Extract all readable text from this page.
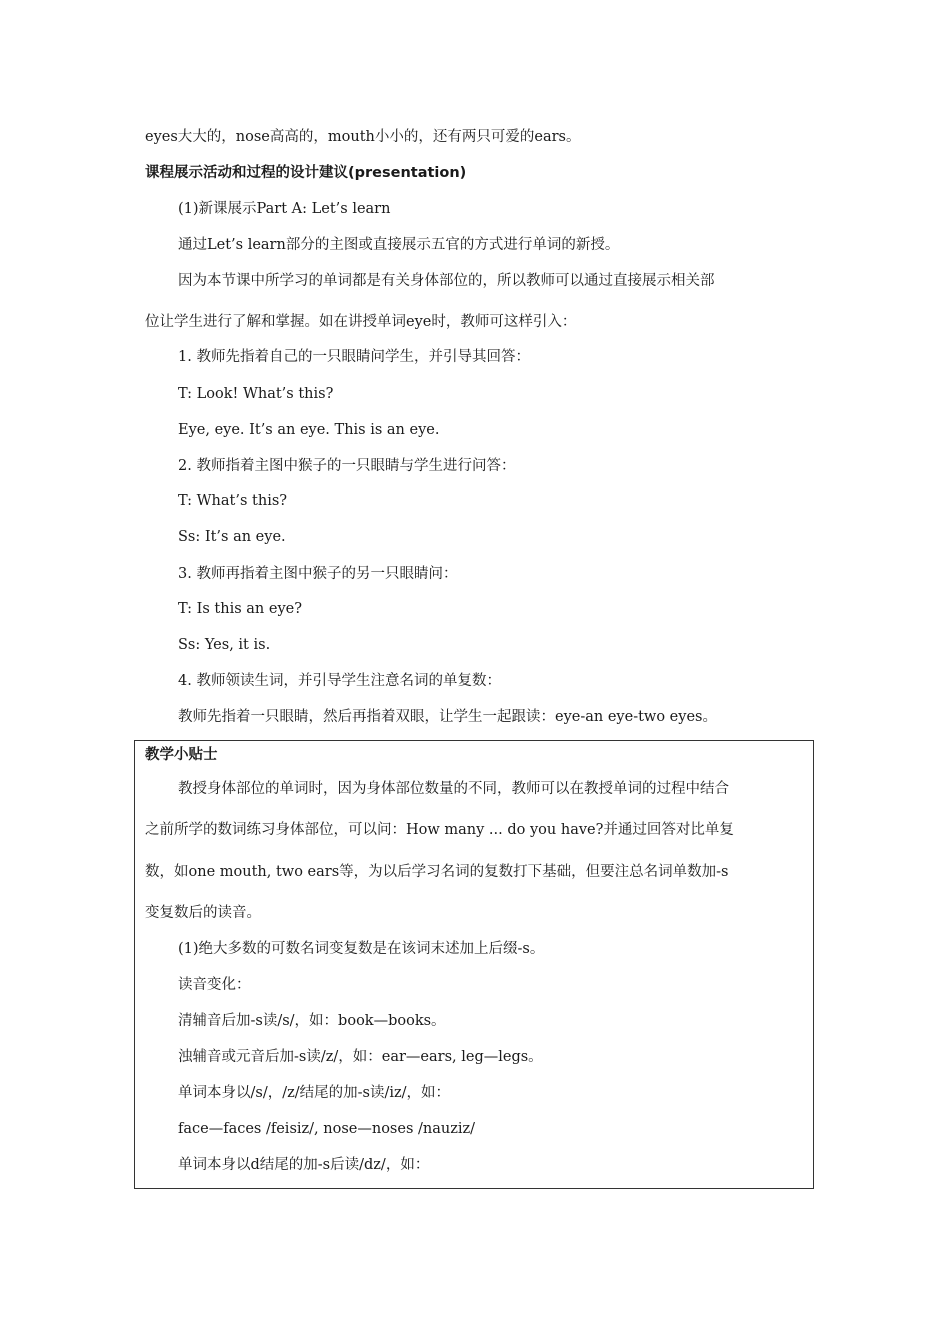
eyes大大的，nose高高的，mouth小小的，还有两只可爱的ears。
课程展示活动和过程的设计建议(presentation)
(1)新课展示Part A: Let’s learn
通过Let’s learn部分的主图或直接展示五官的方式进行单词的新授。
因为本节课中所学习的单词都是有关身体部位的，所以教师可以通过直接展示相关部
位让学生进行了解和掌握。如在讲授单词eye时，教师可这样引入：
1. 教师先指着自己的一只眼睛问学生，并引导其回答：
T: Look! What’s this?
Eye, eye. It’s an eye. This is an eye.
2. 教师指着主图中猴子的一只眼睛与学生进行问答：
T: What’s this?
Ss: It’s an eye.
3. 教师再指着主图中猴子的另一只眼睛问：
T: Is this an eye?
Ss: Yes, it is.
4. 教师领读生词，并引导学生注意名词的单复数：
教师先指着一只眼睛，然后再指着双眼，让学生一起跟读：eye-an eye-two eyes。
教学小贴士
教授身体部位的单词时，因为身体部位数量的不同，教师可以在教授单词的过程中结合
之前所学的数词练习身体部位，可以问：How many ... do you have?并通过回答对比单复
数，如one mouth, two ears等，为以后学习名词的复数打下基础，但要注总名词单数加-s
变复数后的读音。
(1)绝大多数的可数名词变复数是在该词末述加上后缀-s。
读音变化：
清辅音后加-s读/s/，如：book—books。
浊辅音或元音后加-s读/z/，如：ear—ears, leg—legs。
单词本身以/s/，/z/结尾的加-s读/iz/，如：
face—faces /feisiz/, nose—noses /nauziz/
单词本身以d结尾的加-s后读/dz/，如：
